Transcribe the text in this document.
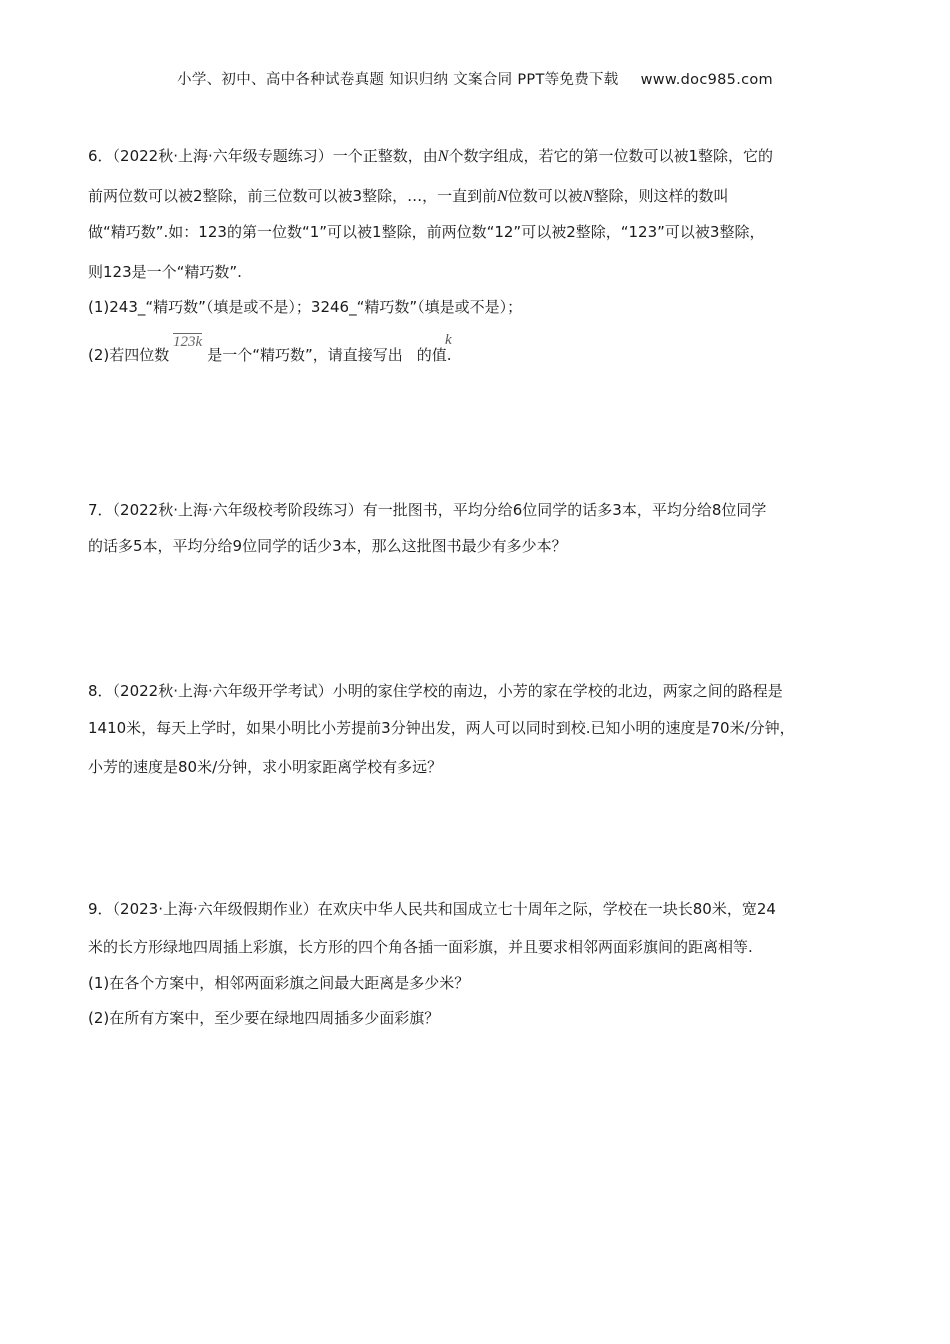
小学、初中、高中各种试卷真题 知识归纳 文案合同 PPT等免费下载 www.doc985.com
6．（2022秋·上海·六年级专题练习）一个正整数，由N个数字组成，若它的第一位数可以被1整除，它的
前两位数可以被2整除，前三位数可以被3整除，…，一直到前N位数可以被N整除，则这样的数叫
做“精巧数”.如：123的第一位数“1”可以被1整除，前两位数“12”可以被2整除，“123”可以被3整除，
则123是一个“精巧数”.
(1)243_“精巧数”（填是或不是）；3246_“精巧数”（填是或不是）；
(2)若四位数	是一个“精巧数”，请直接写出 的值.
123k	k
7．（2022秋·上海·六年级校考阶段练习）有一批图书，平均分给6位同学的话多3本，平均分给8位同学
的话多5本，平均分给9位同学的话少3本，那么这批图书最少有多少本？
8．（2022秋·上海·六年级开学考试）小明的家住学校的南边，小芳的家在学校的北边，两家之间的路程是
1410米，每天上学时，如果小明比小芳提前3分钟出发，两人可以同时到校.已知小明的速度是70米/分钟，
小芳的速度是80米/分钟，求小明家距离学校有多远？
9．（2023·上海·六年级假期作业）在欢庆中华人民共和国成立七十周年之际，学校在一块长80米，宽24
米的长方形绿地四周插上彩旗，长方形的四个角各插一面彩旗，并且要求相邻两面彩旗间的距离相等.
(1)在各个方案中，相邻两面彩旗之间最大距离是多少米？
(2)在所有方案中，至少要在绿地四周插多少面彩旗？
